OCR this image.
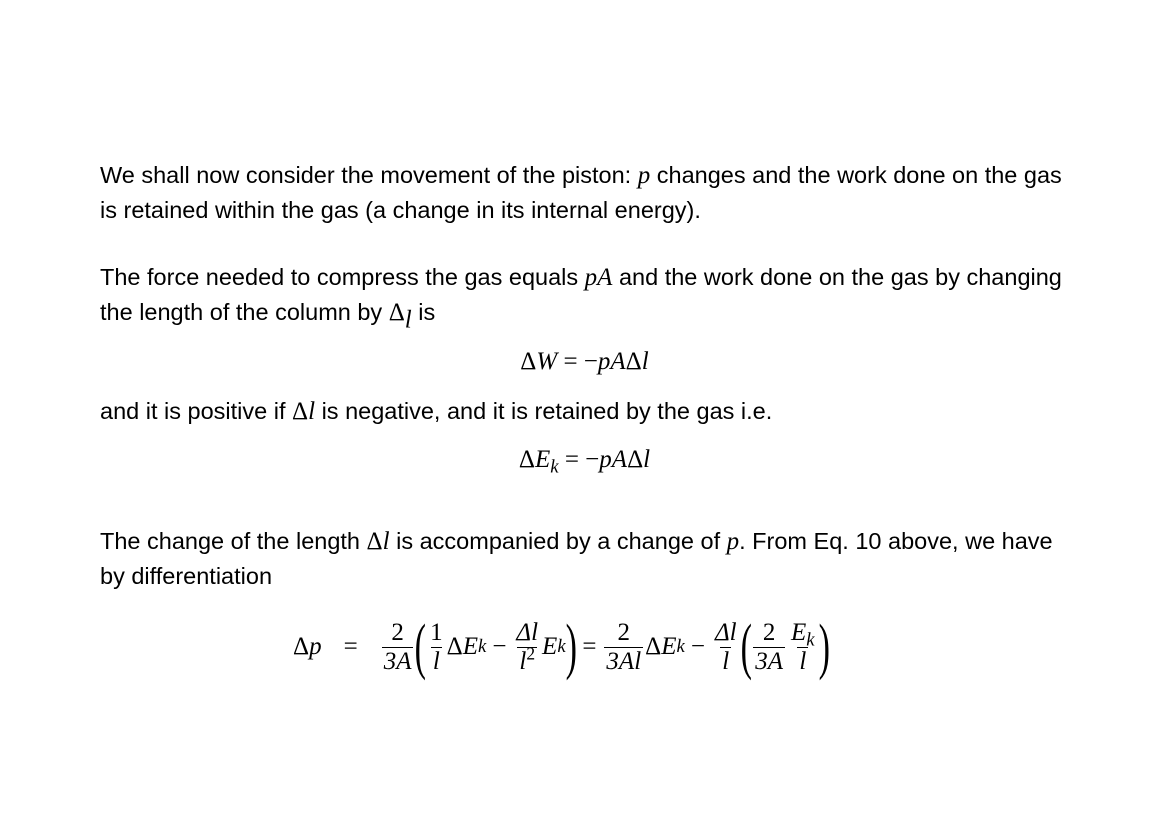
We shall now consider the movement of the piston: p changes and the work done on the gas is retained within the gas (a change in its internal energy).

The force needed to compress the gas equals pA and the work done on the gas by changing the length of the column by $\Delta_l$ is

ΔW = −pAΔl

and it is positive if Δl is negative, and it is retained by the gas i.e.

$\Delta E_k = -pA\Delta l$

The change of the length Δl is accompanied by a change of p. From Eq. 10 above, we have by differentiation

Δ $p = \frac{2}{3A}$ ( $\frac{1}{l}$ Δ E $k - \frac{\Delta l}{l^2}$ E k ) = $\frac{2}{3Al}$ Δ E $k - \frac{\Delta l}{l}$ ( $\frac{2}{3A} \frac{E_k}{l}$ )
